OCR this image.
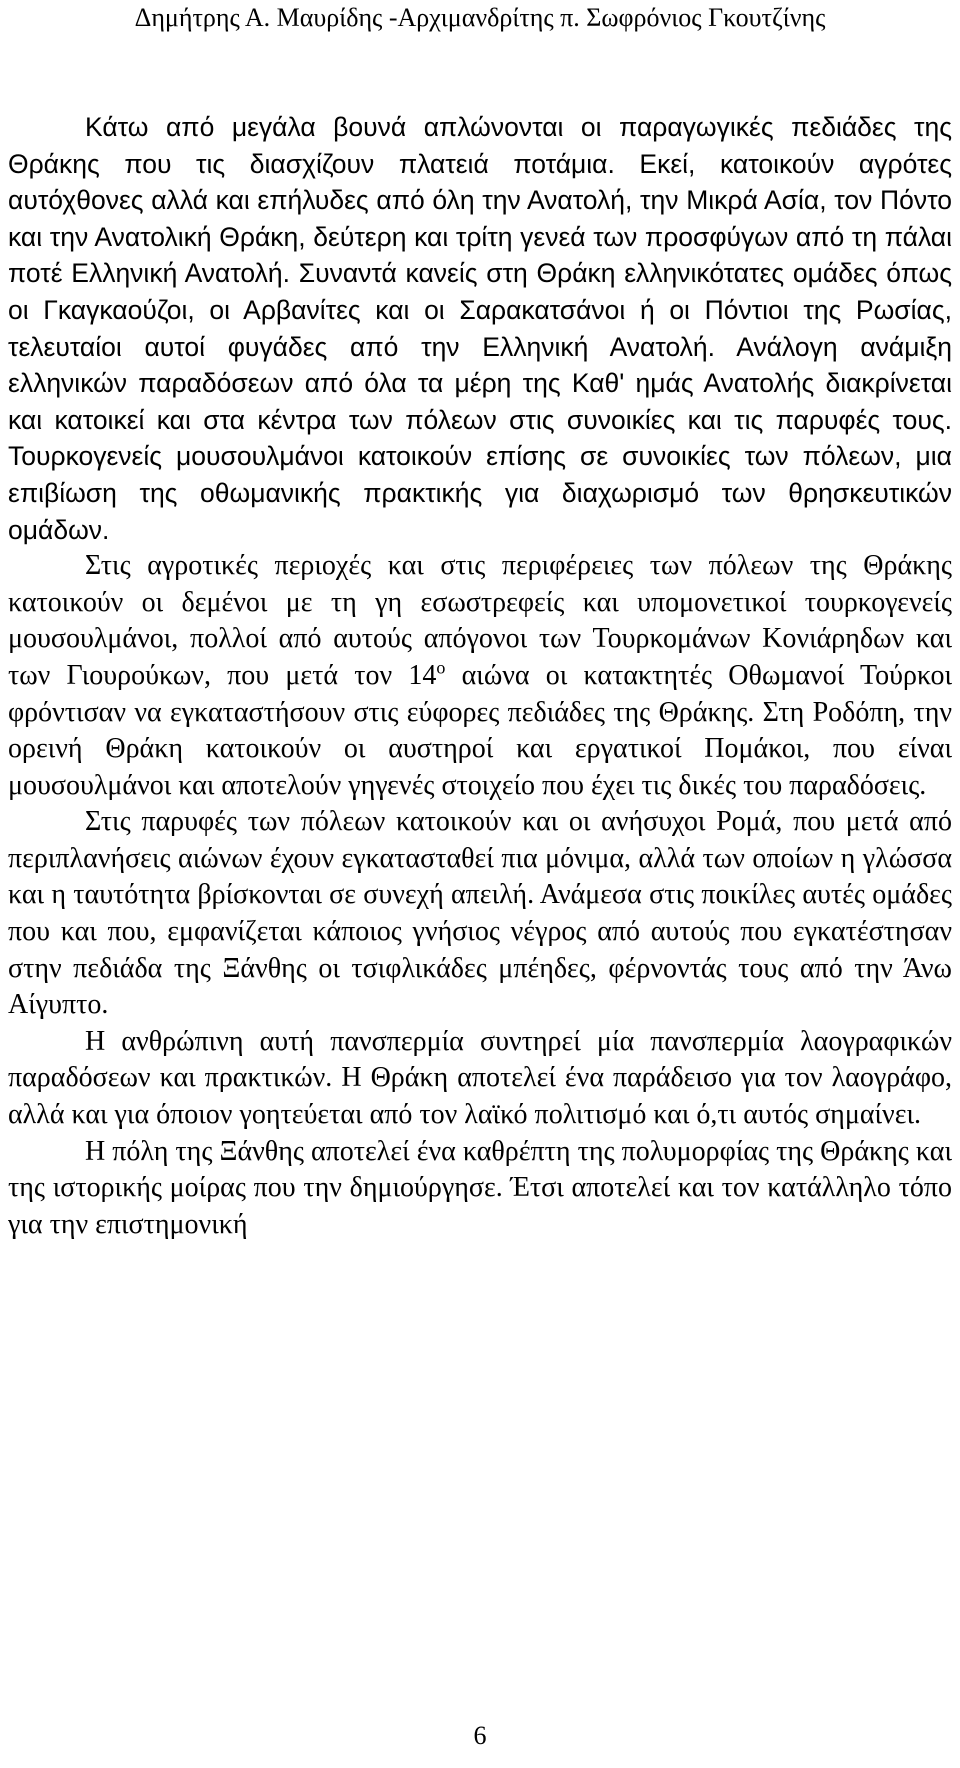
Δημήτρης Α. Μαυρίδης -Αρχιμανδρίτης π. Σωφρόνιος Γκουτζίνης

Κάτω από μεγάλα βουνά απλώνονται οι παραγωγικές πεδιάδες της Θράκης που τις διασχίζουν πλατειά ποτάμια. Εκεί, κατοικούν αγρότες αυτόχθονες αλλά και επήλυδες από όλη την Ανατολή, την Μικρά Ασία, τον Πόντο και την Ανατολική Θράκη, δεύτερη και τρίτη γενεά των προσφύγων από τη πάλαι ποτέ Ελληνική Ανατολή. Συναντά κανείς στη Θράκη ελληνικότατες ομάδες όπως οι Γκαγκαούζοι, οι Αρβανίτες και οι Σαρακατσάνοι ή οι Πόντιοι της Ρωσίας, τελευταίοι αυτοί φυγάδες από την Ελληνική Ανατολή. Ανάλογη ανάμιξη ελληνικών παραδόσεων από όλα τα μέρη της Καθ' ημάς Ανατολής διακρίνεται και κατοικεί και στα κέντρα των πόλεων στις συνοικίες και τις παρυφές τους. Τουρκογενείς μουσουλμάνοι κατοικούν επίσης σε συνοικίες των πόλεων, μια επιβίωση της οθωμανικής πρακτικής για διαχωρισμό των θρησκευτικών ομάδων.

Στις αγροτικές περιοχές και στις περιφέρειες των πόλεων της Θράκης κατοικούν οι δεμένοι με τη γη εσωστρεφείς και υπομονετικοί τουρκογενείς μουσουλμάνοι, πολλοί από αυτούς απόγονοι των Τουρκομάνων Κονιάρηδων και των Γιουρούκων, που μετά τον $14^o$ αιώνα οι κατακτητές Οθωμανοί Τούρκοι φρόντισαν να εγκαταστήσουν στις εύφορες πεδιάδες της Θράκης. Στη Ροδόπη, την ορεινή Θράκη κατοικούν οι αυστηροί και εργατικοί Πομάκοι, που είναι μουσουλμάνοι και αποτελούν γηγενές στοιχείο που έχει τις δικές του παραδόσεις.

Στις παρυφές των πόλεων κατοικούν και οι ανήσυχοι Ρομά, που μετά από περιπλανήσεις αιώνων έχουν εγκατασταθεί πια μόνιμα, αλλά των οποίων η γλώσσα και η ταυτότητα βρίσκονται σε συνεχή απειλή. Ανάμεσα στις ποικίλες αυτές ομάδες που και που, εμφανίζεται κάποιος γνήσιος νέγρος από αυτούς που εγκατέστησαν στην πεδιάδα της Ξάνθης οι τσιφλικάδες μπέηδες, φέρνοντάς τους από την Άνω Αίγυπτο.

Η ανθρώπινη αυτή πανσπερμία συντηρεί μία πανσπερμία λαογραφικών παραδόσεων και πρακτικών. Η Θράκη αποτελεί ένα παράδεισο για τον λαογράφο, αλλά και για όποιον γοητεύεται από τον λαϊκό πολιτισμό και ό,τι αυτός σημαίνει.

Η πόλη της Ξάνθης αποτελεί ένα καθρέπτη της πολυμορφίας της Θράκης και της ιστορικής μοίρας που την δημιούργησε. Έτσι αποτελεί και τον κατάλληλο τόπο για την επιστημονική

6
